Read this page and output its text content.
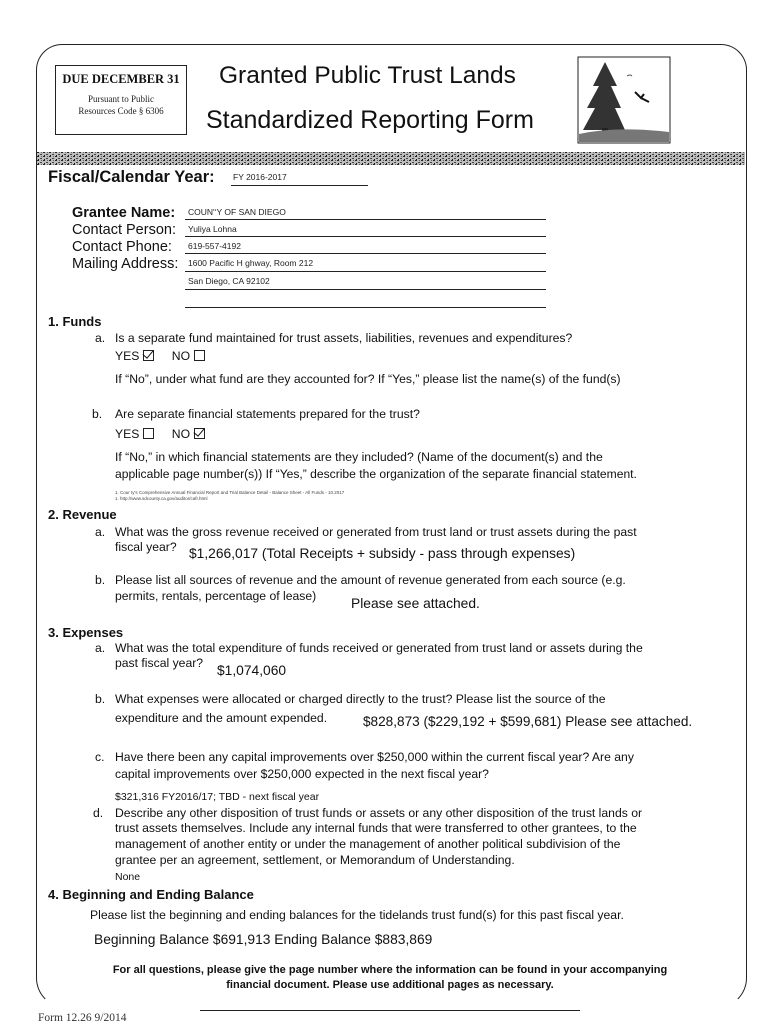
DUE DECEMBER 31
Pursuant to Public
Resources Code § 6306
Granted Public Trust Lands
Standardized Reporting Form
Fiscal/Calendar Year: FY 2016-2017
Grantee Name: COUN'‘Y OF SAN DIEGO
Contact Person: Yuliya Lohna
Contact Phone: 619-557-4192
Mailing Address: 1600 Pacific H ghway, Room 212
San Diego, CA 92102
1. Funds
a. Is a separate fund maintained for trust assets, liabilities, revenues and expenditures?
YES	NO
If “No”, under what fund are they accounted for? If “Yes,” please list the name(s) of the fund(s)
b. Are separate financial statements prepared for the trust?
YES	NO
If “No,” in which financial statements are they included? (Name of the document(s) and the
applicable page number(s)) If “Yes,” describe the organization of the separate financial statement.
1. Cour ty's Comprehensive Annual Financial Report and Trial Balance Detail - Balance Sheet - All Funds - 10.2017
1. http://www.sdcounty.ca.gov/auditor/cafr.html
2. Revenue
a. What was the gross revenue received or generated from trust land or trust assets during the past
fiscal year? $1,266,017 (Total Receipts + subsidy - pass through expenses)
b. Please list all sources of revenue and the amount of revenue generated from each source (e.g.
permits, rentals, percentage of lease)	Please see attached.
3. Expenses
a. What was the total expenditure of funds received or generated from trust land or assets during the
past fiscal year? $1,074,060
b. What expenses were allocated or charged directly to the trust? Please list the source of the
expenditure and the amount expended.	$828,873 ($229,192 + $599,681) Please see attached.
c. Have there been any capital improvements over $250,000 within the current fiscal year? Are any
capital improvements over $250,000 expected in the next fiscal year?
$321,316 FY2016/17; TBD - next fiscal year
d. Describe any other disposition of trust funds or assets or any other disposition of the trust lands or
trust assets themselves. Include any internal funds that were transferred to other grantees, to the
management of another entity or under the management of another political subdivision of the
grantee per an agreement, settlement, or Memorandum of Understanding.
None
4. Beginning and Ending Balance
Please list the beginning and ending balances for the tidelands trust fund(s) for this past fiscal year.
Beginning Balance $691,913 Ending Balance $883,869
For all questions, please give the page number where the information can be found in your accompanying
financial document. Please use additional pages as necessary.
Form 12.26 9/2014
